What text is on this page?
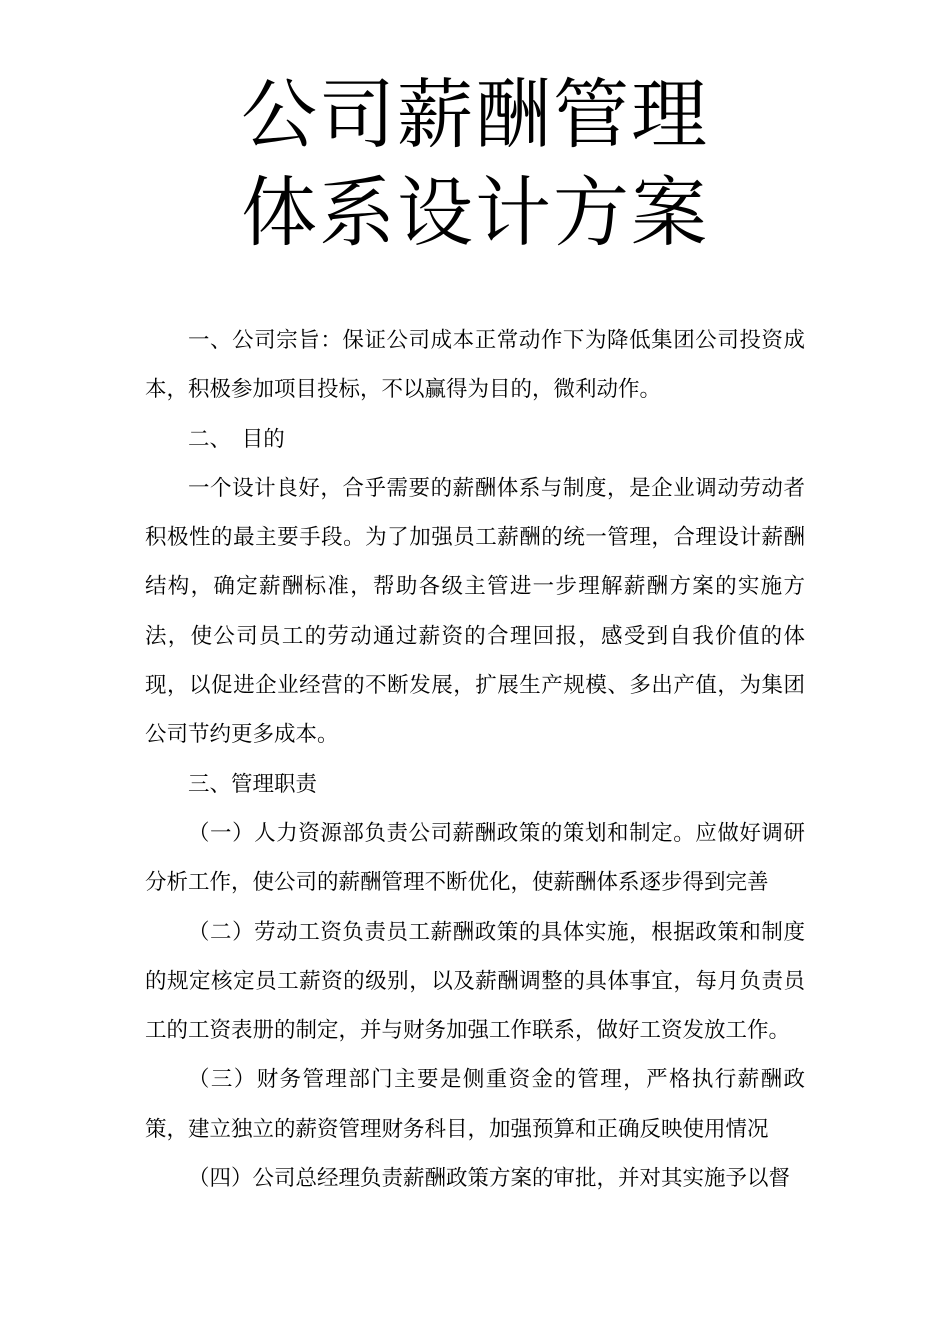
公司薪酬管理
体系设计方案

一、公司宗旨：保证公司成本正常动作下为降低集团公司投资成本，积极参加项目投标，不以赢得为目的，微利动作。

二、　目的

一个设计良好，合乎需要的薪酬体系与制度，是企业调动劳动者积极性的最主要手段。为了加强员工薪酬的统一管理，合理设计薪酬结构，确定薪酬标准，帮助各级主管进一步理解薪酬方案的实施方法，使公司员工的劳动通过薪资的合理回报，感受到自我价值的体现，以促进企业经营的不断发展，扩展生产规模、多出产值，为集团公司节约更多成本。

三、管理职责

（一）人力资源部负责公司薪酬政策的策划和制定。应做好调研分析工作，使公司的薪酬管理不断优化，使薪酬体系逐步得到完善

（二）劳动工资负责员工薪酬政策的具体实施，根据政策和制度的规定核定员工薪资的级别，以及薪酬调整的具体事宜，每月负责员工的工资表册的制定，并与财务加强工作联系，做好工资发放工作。

（三）财务管理部门主要是侧重资金的管理，严格执行薪酬政策，建立独立的薪资管理财务科目，加强预算和正确反映使用情况

（四）公司总经理负责薪酬政策方案的审批，并对其实施予以督
